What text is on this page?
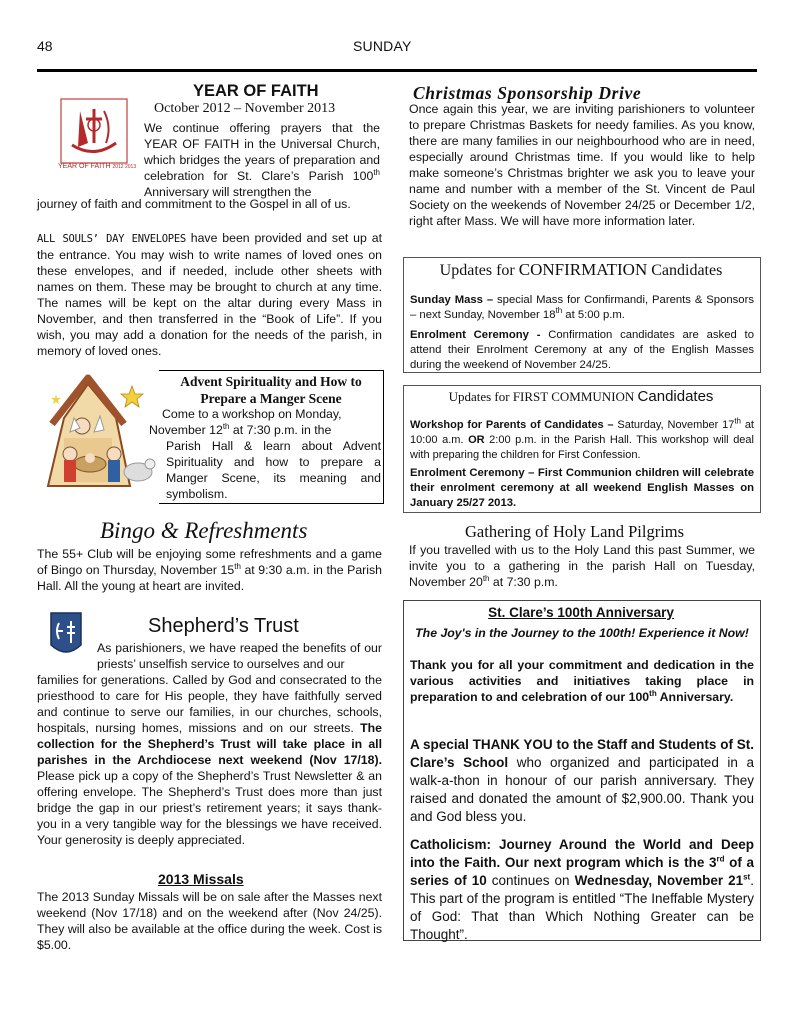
48	SUNDAY
YEAR OF FAITH
October 2012 – November 2013
YEAR OF FAITH 2012 2013
We continue offering prayers that the YEAR OF FAITH in the Universal Church, which bridges the years of preparation and celebration for St. Clare’s Parish 100th Anniversary will strengthen the
journey of faith and commitment to the Gospel in all of us.
ALL SOULS’ DAY ENVELOPES have been provided and set up at the entrance. You may wish to write names of loved ones on these envelopes, and if needed, include other sheets with names on them. These may be brought to church at any time. The names will be kept on the altar during every Mass in November, and then transferred in the “Book of Life”. If you wish, you may add a donation for the needs of the parish, in memory of loved ones.
Advent Spirituality and How to Prepare a Manger Scene
Come to a workshop on Monday,
November 12th at 7:30 p.m. in the
Parish Hall & learn about Advent Spirituality and how to prepare a Manger Scene, its meaning and symbolism.
Bingo & Refreshments
The 55+ Club will be enjoying some refreshments and a game of Bingo on Thursday, November 15th at 9:30 a.m. in the Parish Hall. All the young at heart are invited.
Shepherd’s Trust
As parishioners, we have reaped the benefits of our priests’ unselfish service to ourselves and our
families for generations. Called by God and consecrated to the priesthood to care for His people, they have faithfully served and continue to serve our families, in our churches, schools, hospitals, nursing homes, missions and on our streets. The collection for the Shepherd’s Trust will take place in all parishes in the Archdiocese next weekend (Nov 17/18). Please pick up a copy of the Shepherd’s Trust Newsletter & an offering envelope. The Shepherd’s Trust does more than just bridge the gap in our priest’s retirement years; it says thank-you in a very tangible way for the blessings we have received. Your generosity is deeply appreciated.
2013 Missals
The 2013 Sunday Missals will be on sale after the Masses next weekend (Nov 17/18) and on the weekend after (Nov 24/25). They will also be available at the office during the week. Cost is $5.00.
Christmas Sponsorship Drive
Once again this year, we are inviting parishioners to volunteer to prepare Christmas Baskets for needy families. As you know, there are many families in our neighbourhood who are in need, especially around Christmas time. If you would like to help make someone’s Christmas brighter we ask you to leave your name and number with a member of the St. Vincent de Paul Society on the weekends of November 24/25 or December 1/2, right after Mass. We will have more information later.
Updates for CONFIRMATION Candidates
Sunday Mass – special Mass for Confirmandi, Parents & Sponsors – next Sunday, November 18th at 5:00 p.m.
Enrolment Ceremony - Confirmation candidates are asked to attend their Enrolment Ceremony at any of the English Masses during the weekend of November 24/25.
Updates for FIRST COMMUNION Candidates
Workshop for Parents of Candidates – Saturday, November 17th at 10:00 a.m. OR 2:00 p.m. in the Parish Hall. This workshop will deal with preparing the children for First Confession.
Enrolment Ceremony – First Communion children will celebrate their enrolment ceremony at all weekend English Masses on January 25/27 2013.
Gathering of Holy Land Pilgrims
If you travelled with us to the Holy Land this past Summer, we invite you to a gathering in the parish Hall on Tuesday, November 20th at 7:30 p.m.
St. Clare’s 100th Anniversary
The Joy's in the Journey to the 100th! Experience it Now!
Thank you for all your commitment and dedication in the various activities and initiatives taking place in preparation to and celebration of our 100th Anniversary.
A special THANK YOU to the Staff and Students of St. Clare’s School who organized and participated in a walk-a-thon in honour of our parish anniversary. They raised and donated the amount of $2,900.00. Thank you and God bless you.
Catholicism: Journey Around the World and Deep into the Faith. Our next program which is the 3rd of a series of 10 continues on Wednesday, November 21st. This part of the program is entitled “The Ineffable Mystery of God: That than Which Nothing Greater can be Thought”.
